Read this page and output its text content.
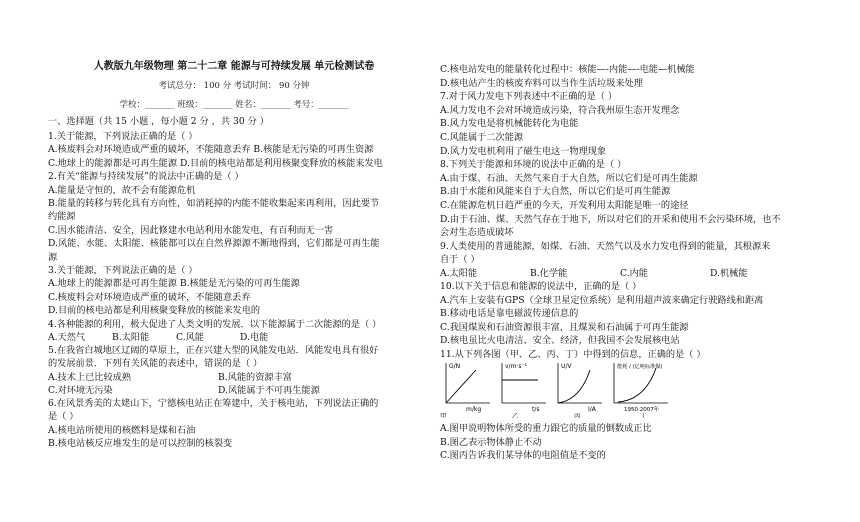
人教版九年级物理 第二十二章 能源与可持续发展 单元检测试卷
考试总分： 100 分 考试时间： 90 分钟
学校：_______ 班级：_______ 姓名：_______ 考号：_______
一、选择题（共 15 小题 ，每小题 2 分 ，共 30 分 ）
1.关于能源，下列说法正确的是（ ）
A.核废料会对环境造成严重的破坏，不能随意丢弃 B.核能是无污染的可再生资源
C.地球上的能源都是可再生能源 D.目前的核电站都是利用核聚变释放的核能来发电
2.有关“能源与持续发展”的说法中正确的是（ ）
A.能量是守恒的，故不会有能源危机
B.能量的转移与转化具有方向性，如消耗掉的内能不能收集起来再利用，因此要节
约能源
C.因水能清洁、安全，因此修建水电站利用水能发电，有百利而无一害
D.风能、水能、太阳能、核能都可以在自然界源源不断地得到，它们都是可再生能
源
3.关于能源，下列说法正确的是（ ）
A.地球上的能源都是可再生能源 B.核能是无污染的可再生能源
C.核废料会对环境造成严重的破坏，不能随意丢弃
D.目前的核电站都是利用核聚变释放的核能来发电的
4.各种能源的利用，极大促进了人类文明的发展．以下能源属于二次能源的是（ ）
A.天然气	B.太阳能	C.风能	D.电能
5.在我省白城地区辽阔的草原上，正在兴建大型的风能发电站．风能发电具有很好
的发展前景．下列有关风能的表述中，错误的是（ ）
A.技术上已比较成熟	B.风能的资源丰富
C.对环境无污染	D.风能属于不可再生能源
6.在风景秀美的太姥山下，宁德核电站正在筹建中，关于核电站，下列说法正确的
是（ ）
A.核电站所使用的核燃料是煤和石油
B.核电站核反应堆发生的是可以控制的核裂变
C.核电站发电的能量转化过程中：核能—-内能—-电能—机械能
D.核电站产生的核废弃料可以当作生活垃圾来处理
7.对于风力发电下列表述中不正确的是（ ）
A.风力发电不会对环境造成污染，符合我州原生态开发理念
B.风力发电是将机械能转化为电能
C.风能属于二次能源
D.风力发电机利用了磁生电这一物理现象
8.下列关于能源和环境的说法中正确的是（ ）
A.由于煤、石油、天然气来自于大自然，所以它们是可再生能源
B.由于水能和风能来自于大自然，所以它们是可再生能源
C.在能源危机日趋严重的今天，开发利用太阳能是唯一的途径
D.由于石油、煤、天然气存在于地下，所以对它们的开采和使用不会污染环境，也不
会对生态造成破坏
9.人类使用的普通能源，如煤、石油、天然气以及水力发电得到的能量，其根源来
自于（ ）
A.太阳能	B.化学能	C.内能	D.机械能
10.以下关于信息和能源的说法中，正确的是（ ）
A.汽车上安装有GPS（全球卫星定位系统）是利用超声波来确定行驶路线和距离
B.移动电话是靠电磁波传递信息的
C.我国煤炭和石油资源很丰富，且煤炭和石油属于可再生能源
D.核电虽比火电清洁、安全、经济，但我国不会发展核电站
11.从下列各图（甲、乙、丙、丁）中得到的信息，正确的是（ ）
G/N
m/kg
甲
v/m·s⁻¹
t/s
乙
U/V
I/A
丙
能耗 / (亿吨标准煤)
1950 2007年
丁
A.图甲说明物体所受的重力跟它的质量的倒数成正比
B.图乙表示物体静止不动
C.图丙告诉我们某导体的电阻值是不变的
